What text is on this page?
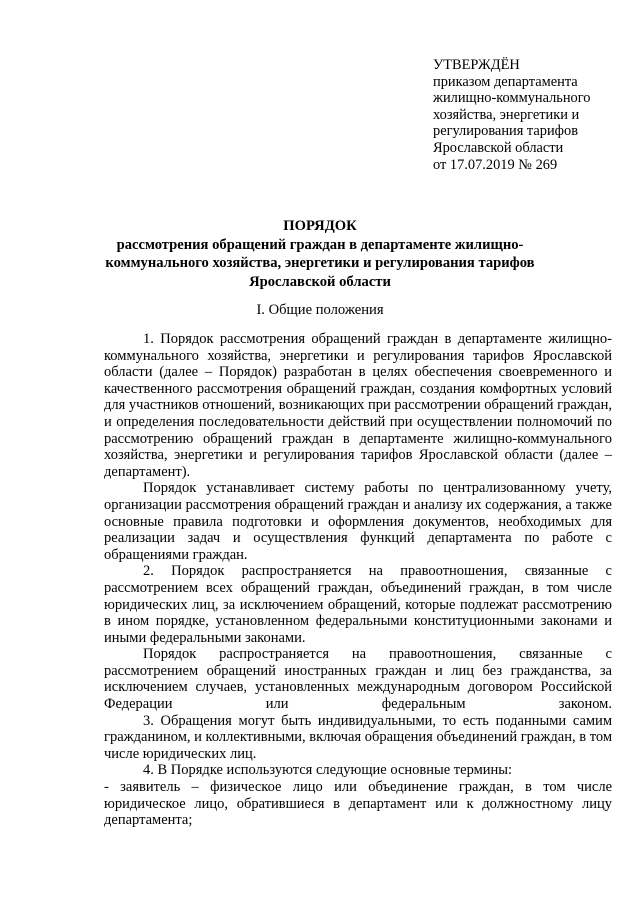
УТВЕРЖДЁН
приказом департамента
жилищно-коммунального
хозяйства, энергетики и
регулирования тарифов
Ярославской области
от 17.07.2019 № 269
ПОРЯДОК
рассмотрения обращений граждан в департаменте жилищно-
коммунального хозяйства, энергетики и регулирования тарифов
Ярославской области
I. Общие положения

1. Порядок рассмотрения обращений граждан в департаменте жилищно-коммунального хозяйства, энергетики и регулирования тарифов Ярославской области (далее – Порядок) разработан в целях обеспечения своевременного и качественного рассмотрения обращений граждан, создания комфортных условий для участников отношений, возникающих при рассмотрении обращений граждан, и определения последовательности действий при осуществлении полномочий по рассмотрению обращений граждан в департаменте жилищно-коммунального хозяйства, энергетики и регулирования тарифов Ярославской области (далее – департамент).

Порядок устанавливает систему работы по централизованному учету, организации рассмотрения обращений граждан и анализу их содержания, а также основные правила подготовки и оформления документов, необходимых для реализации задач и осуществления функций департамента по работе с обращениями граждан.

2. Порядок распространяется на правоотношения, связанные с рассмотрением всех обращений граждан, объединений граждан, в том числе юридических лиц, за исключением обращений, которые подлежат рассмотрению в ином порядке, установленном федеральными конституционными законами и иными федеральными законами.

Порядок распространяется на правоотношения, связанные с рассмотрением обращений иностранных граждан и лиц без гражданства, за исключением случаев, установленных международным договором Российской Федерации или федеральным законом.

3. Обращения могут быть индивидуальными, то есть поданными самим гражданином, и коллективными, включая обращения объединений граждан, в том числе юридических лиц.

4. В Порядке используются следующие основные термины:

- заявитель – физическое лицо или объединение граждан, в том числе юридическое лицо, обратившиеся в департамент или к должностному лицу департамента;
